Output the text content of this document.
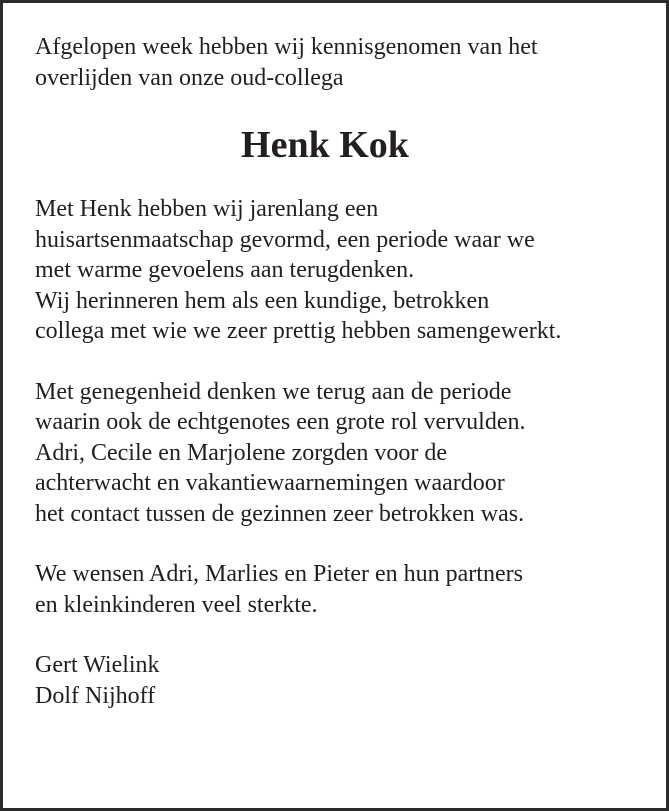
Afgelopen week hebben wij kennisgenomen van het
overlijden van onze oud-collega
Henk Kok
Met Henk hebben wij jarenlang een
huisartsenmaatschap gevormd, een periode waar we
met warme gevoelens aan terugdenken.
Wij herinneren hem als een kundige, betrokken
collega met wie we zeer prettig hebben samengewerkt.
Met genegenheid denken we terug aan de periode
waarin ook de echtgenotes een grote rol vervulden.
Adri, Cecile en Marjolene zorgden voor de
achterwacht en vakantiewaarnemingen waardoor
het contact tussen de gezinnen zeer betrokken was.
We wensen Adri, Marlies en Pieter en hun partners
en kleinkinderen veel sterkte.
Gert Wielink
Dolf Nijhoff
